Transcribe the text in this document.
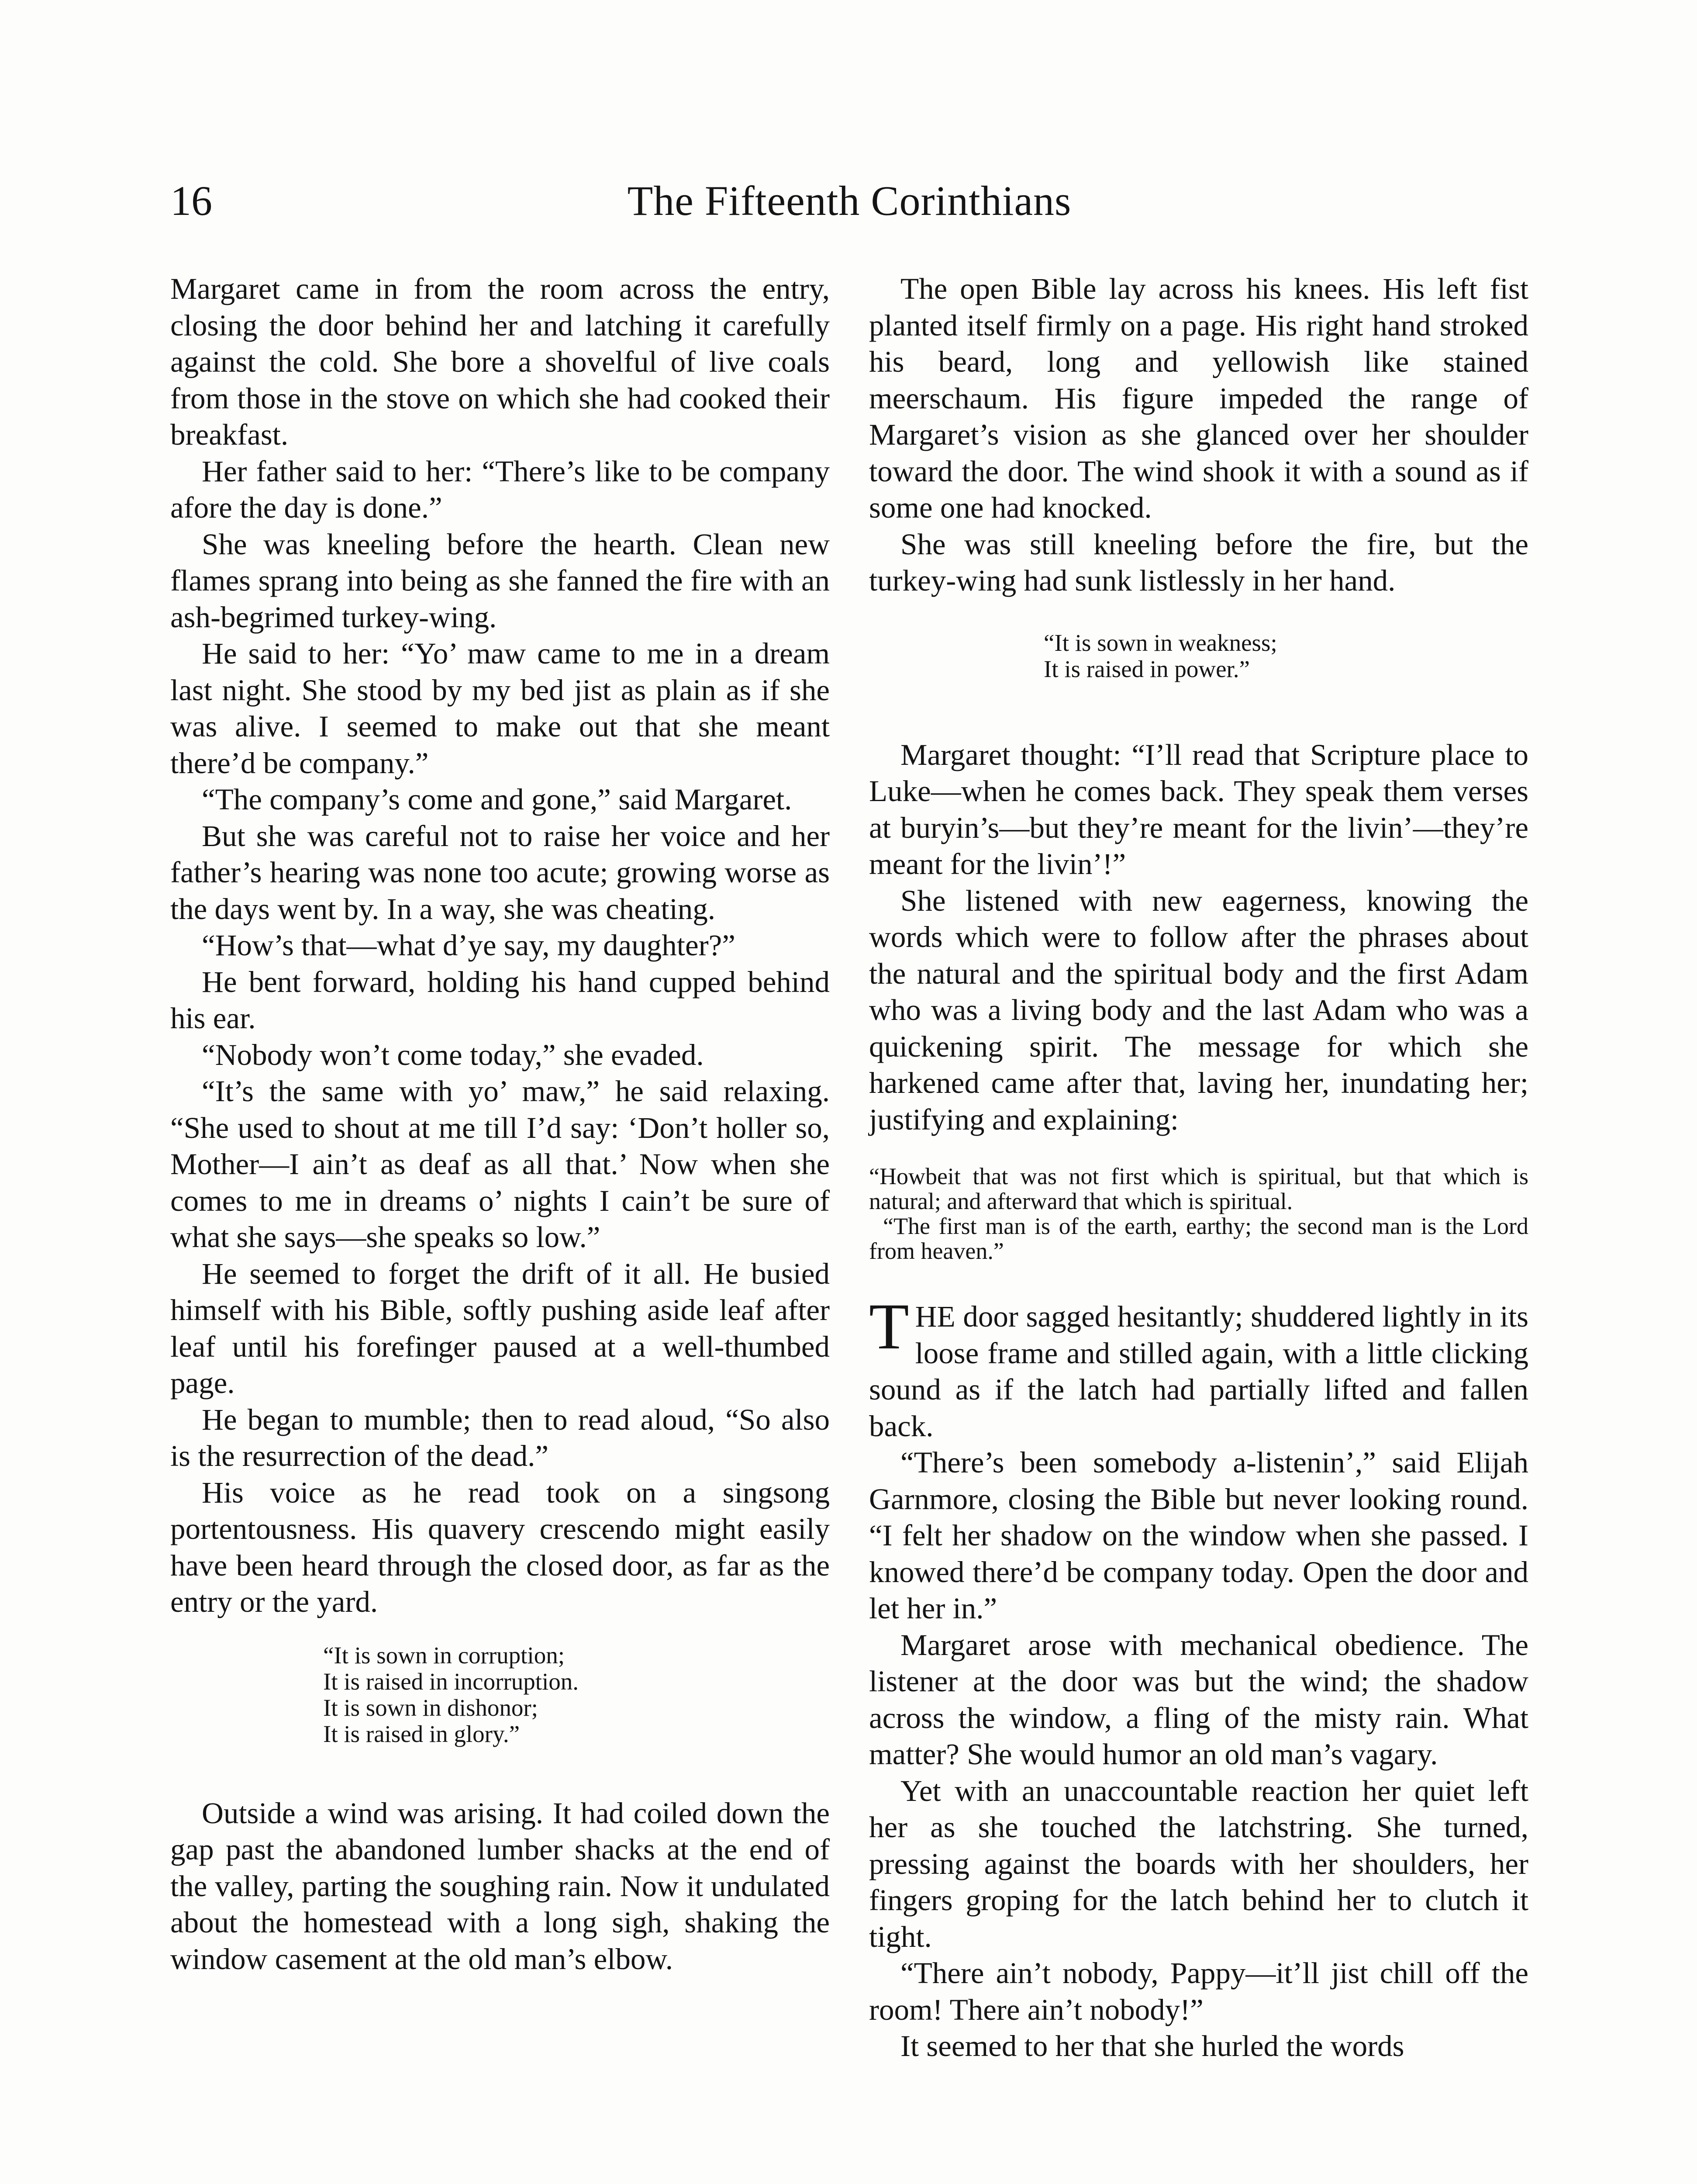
16	The Fifteenth Corinthians

Margaret came in from the room across the entry, closing the door behind her and latching it carefully against the cold. She bore a shovelful of live coals from those in the stove on which she had cooked their breakfast.

Her father said to her: “There’s like to be company afore the day is done.”

She was kneeling before the hearth. Clean new flames sprang into being as she fanned the fire with an ash-begrimed turkey-wing.

He said to her: “Yo’ maw came to me in a dream last night. She stood by my bed jist as plain as if she was alive. I seemed to make out that she meant there’d be company.”

“The company’s come and gone,” said Margaret.

But she was careful not to raise her voice and her father’s hearing was none too acute; growing worse as the days went by. In a way, she was cheating.

“How’s that—what d’ye say, my daughter?”

He bent forward, holding his hand cupped behind his ear.

“Nobody won’t come today,” she evaded.

“It’s the same with yo’ maw,” he said relaxing. “She used to shout at me till I’d say: ‘Don’t holler so, Mother—I ain’t as deaf as all that.’ Now when she comes to me in dreams o’ nights I cain’t be sure of what she says—she speaks so low.”

He seemed to forget the drift of it all. He busied himself with his Bible, softly pushing aside leaf after leaf until his forefinger paused at a well-thumbed page.

He began to mumble; then to read aloud, “So also is the resurrection of the dead.”

His voice as he read took on a singsong portentousness. His quavery crescendo might easily have been heard through the closed door, as far as the entry or the yard.

“It is sown in corruption;
It is raised in incorruption.
It is sown in dishonor;
It is raised in glory.”

Outside a wind was arising. It had coiled down the gap past the abandoned lumber shacks at the end of the valley, parting the soughing rain. Now it undulated about the homestead with a long sigh, shaking the window casement at the old man’s elbow.

The open Bible lay across his knees. His left fist planted itself firmly on a page. His right hand stroked his beard, long and yellowish like stained meerschaum. His figure impeded the range of Margaret’s vision as she glanced over her shoulder toward the door. The wind shook it with a sound as if some one had knocked.

She was still kneeling before the fire, but the turkey-wing had sunk listlessly in her hand.

“It is sown in weakness;
It is raised in power.”

Margaret thought: “I’ll read that Scripture place to Luke—when he comes back. They speak them verses at buryin’s—but they’re meant for the livin’—they’re meant for the livin’!”

She listened with new eagerness, knowing the words which were to follow after the phrases about the natural and the spiritual body and the first Adam who was a living body and the last Adam who was a quickening spirit. The message for which she harkened came after that, laving her, inundating her; justifying and explaining:

“Howbeit that was not first which is spiritual, but that which is natural; and afterward that which is spiritual.
“The first man is of the earth, earthy; the second man is the Lord from heaven.”

THE door sagged hesitantly; shuddered lightly in its loose frame and stilled again, with a little clicking sound as if the latch had partially lifted and fallen back.

“There’s been somebody a-listenin’,” said Elijah Garnmore, closing the Bible but never looking round. “I felt her shadow on the window when she passed. I knowed there’d be company today. Open the door and let her in.”

Margaret arose with mechanical obedience. The listener at the door was but the wind; the shadow across the window, a fling of the misty rain. What matter? She would humor an old man’s vagary.

Yet with an unaccountable reaction her quiet left her as she touched the latchstring. She turned, pressing against the boards with her shoulders, her fingers groping for the latch behind her to clutch it tight.

“There ain’t nobody, Pappy—it’ll jist chill off the room! There ain’t nobody!”

It seemed to her that she hurled the words
